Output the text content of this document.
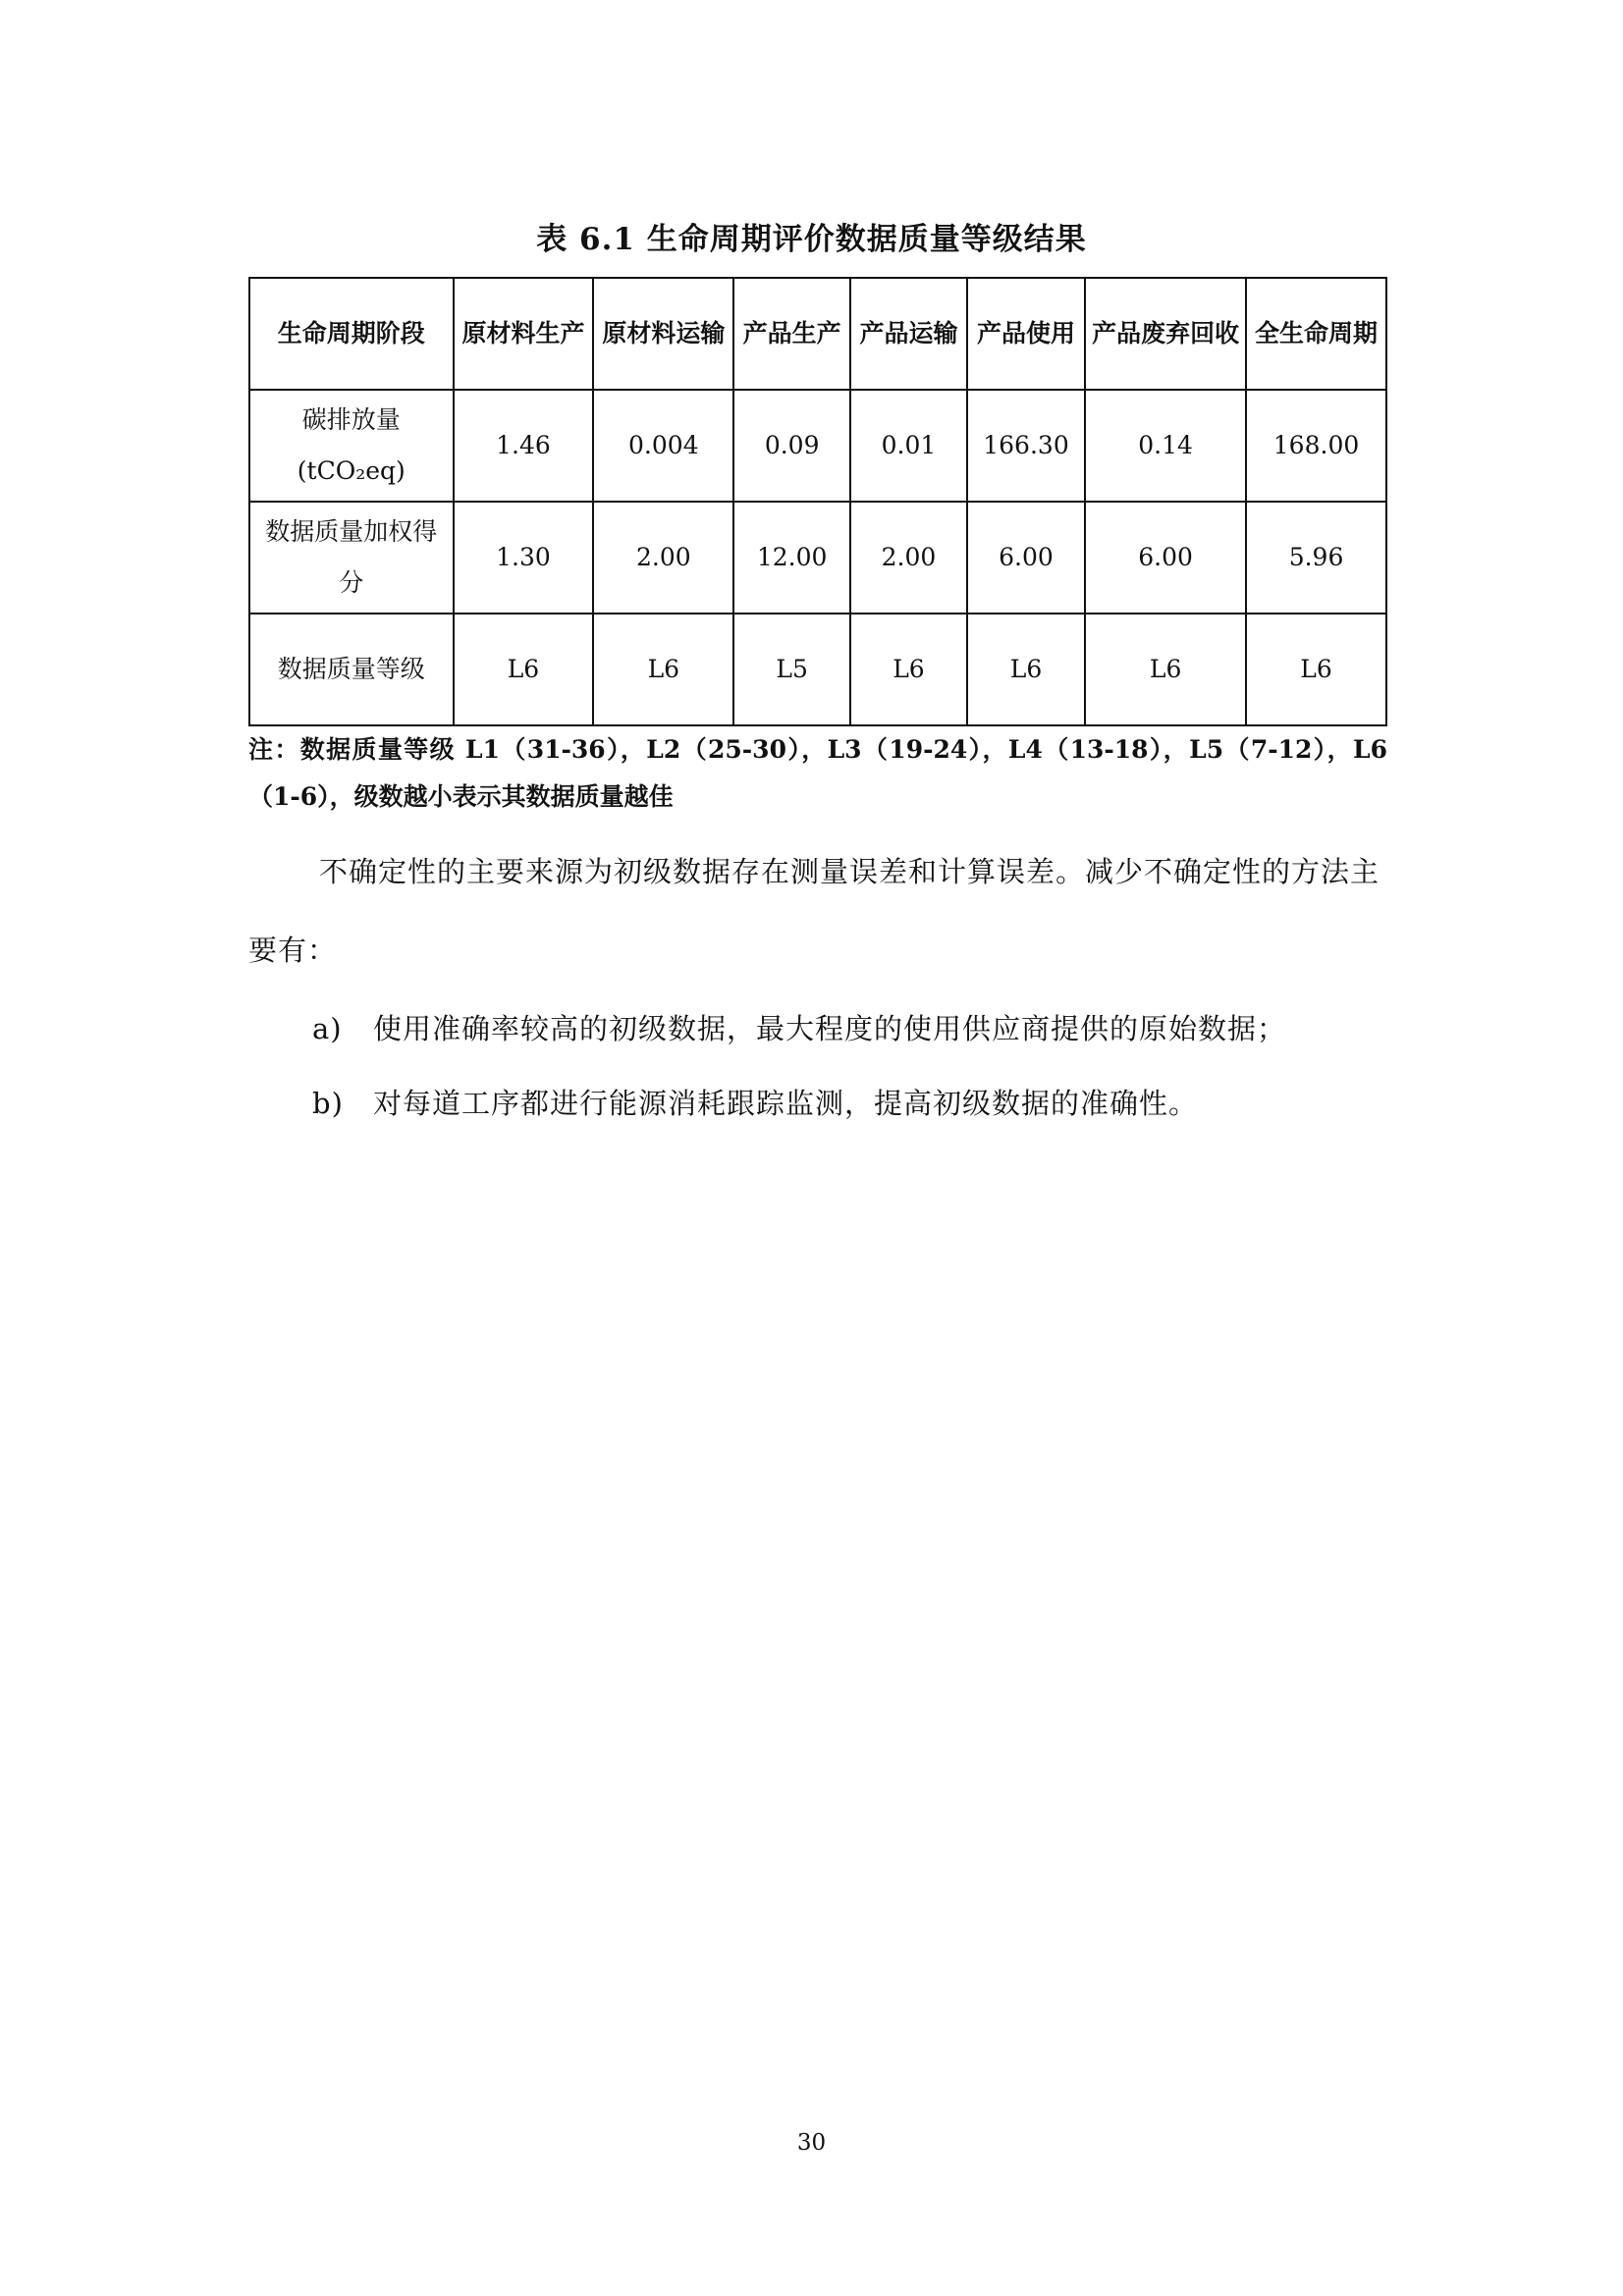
表 6.1 生命周期评价数据质量等级结果
生命周期阶段	原材料生产	原材料运输	产品生产	产品运输	产品使用	产品废弃回收	全生命周期
碳排放量(tCO₂eq)	1.46	0.004	0.09	0.01	166.30	0.14	168.00
数据质量加权得分	1.30	2.00	12.00	2.00	6.00	6.00	5.96
数据质量等级	L6	L6	L5	L6	L6	L6	L6
注：数据质量等级 L1（31-36），L2（25-30），L3（19-24），L4（13-18），L5（7-12），L6（1-6），级数越小表示其数据质量越佳
不确定性的主要来源为初级数据存在测量误差和计算误差。减少不确定性的方法主要有：
a) 使用准确率较高的初级数据，最大程度的使用供应商提供的原始数据；
b) 对每道工序都进行能源消耗跟踪监测，提高初级数据的准确性。
30
